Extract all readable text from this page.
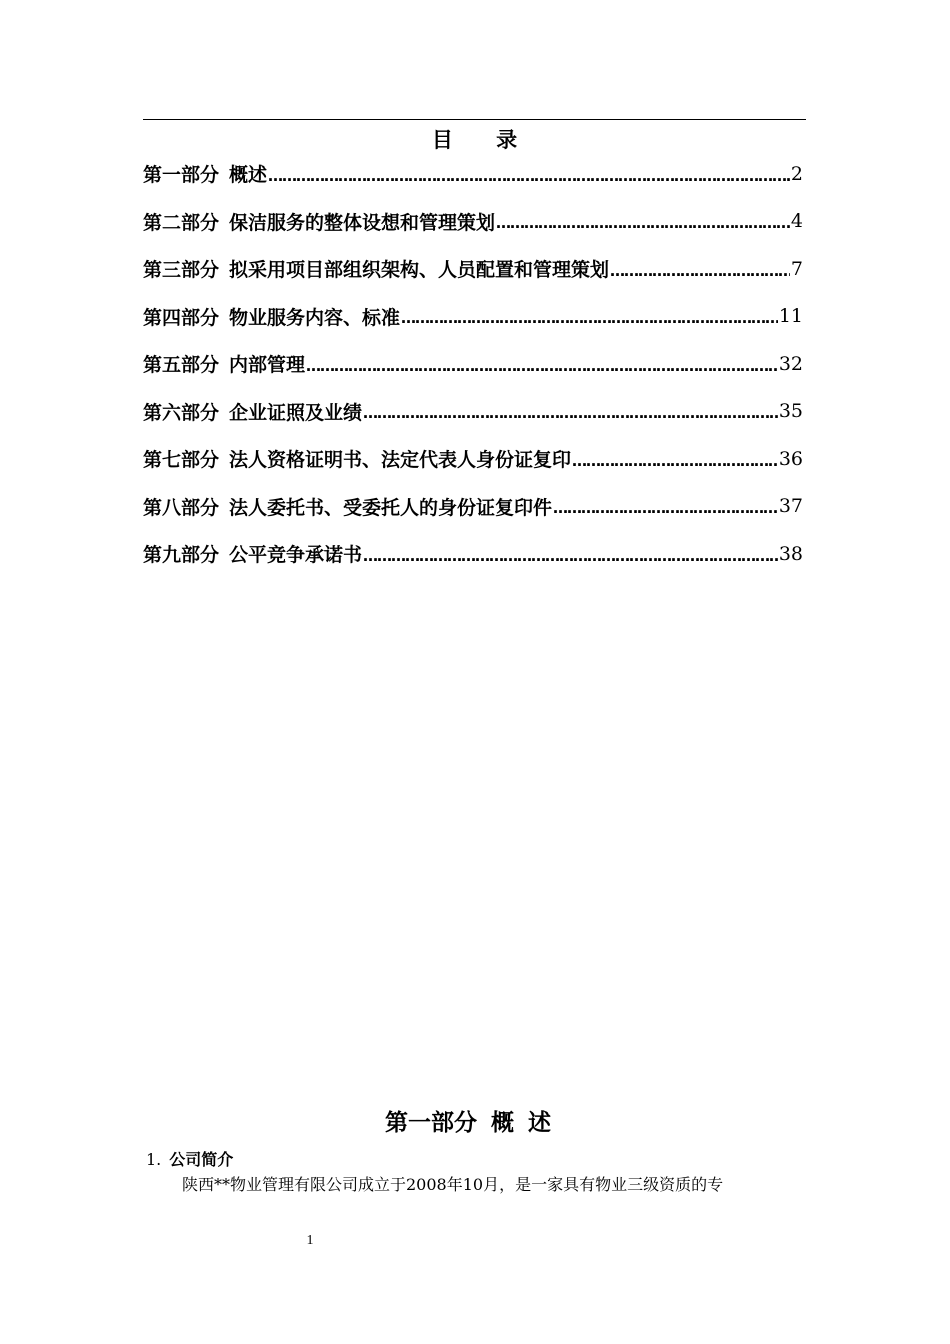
目 录
第一部分 概述 …………………………………………………………………………………………………………………………………………………………………………	2
第二部分 保洁服务的整体设想和管理策划 …………………………………………………………………………………………………………………………………………………………………………	4
第三部分 拟采用项目部组织架构、人员配置和管理策划 …………………………………………………………………………………………………………………………………………………………………………	7
第四部分 物业服务内容、标准 …………………………………………………………………………………………………………………………………………………………………………	11
第五部分 内部管理 …………………………………………………………………………………………………………………………………………………………………………	32
第六部分 企业证照及业绩 …………………………………………………………………………………………………………………………………………………………………………	35
第七部分 法人资格证明书、法定代表人身份证复印 …………………………………………………………………………………………………………………………………………………………………………	36
第八部分 法人委托书、受委托人的身份证复印件 …………………………………………………………………………………………………………………………………………………………………………	37
第九部分 公平竞争承诺书 …………………………………………………………………………………………………………………………………………………………………………	38
第一部分 概述
1. 公司简介
陕西**物业管理有限公司成立于2008年10月，是一家具有物业三级资质的专
1
